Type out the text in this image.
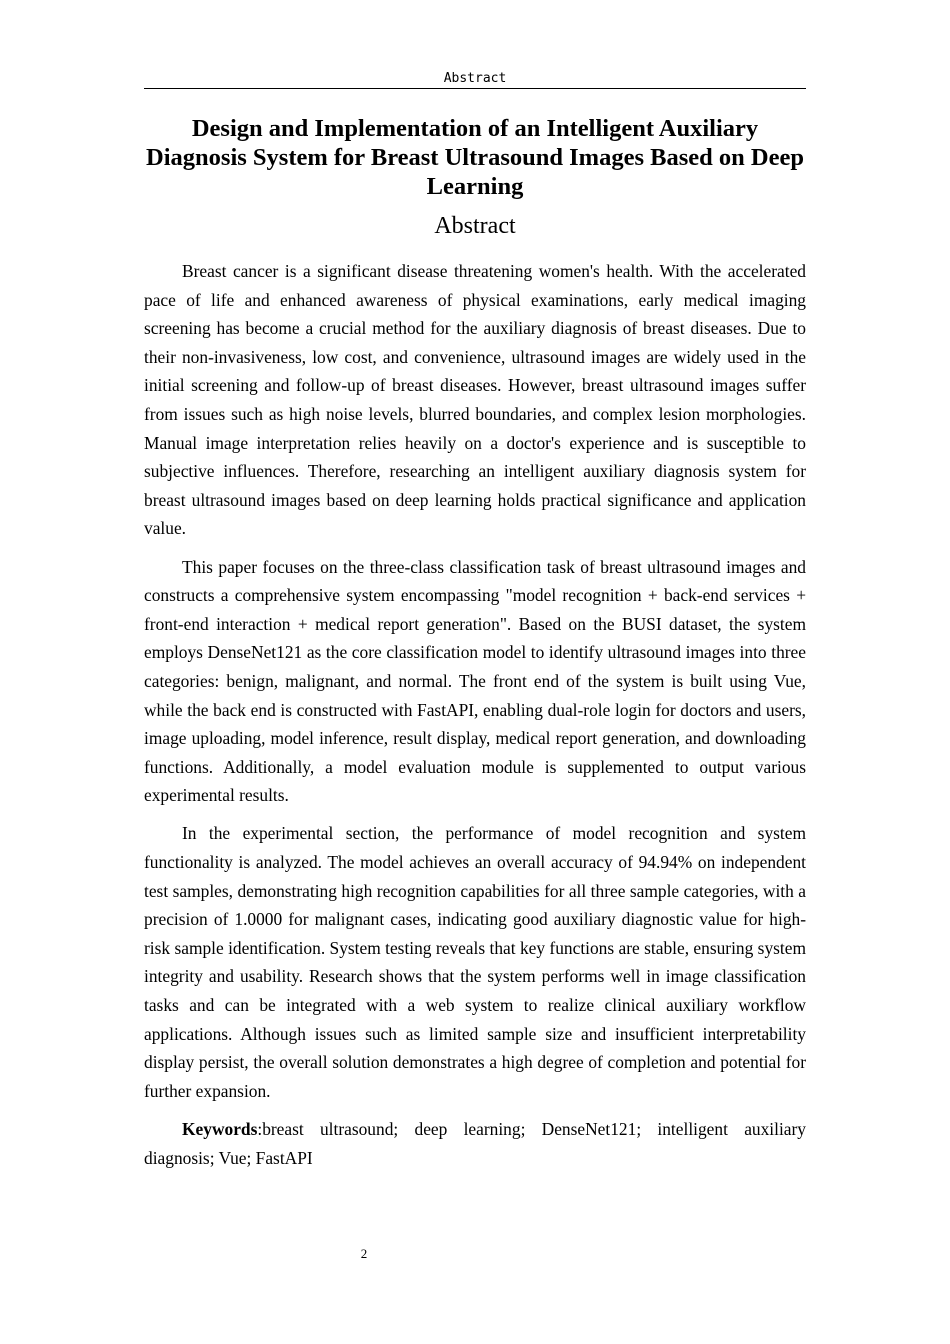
Abstract
Design and Implementation of an Intelligent Auxiliary Diagnosis System for Breast Ultrasound Images Based on Deep Learning
Abstract

Breast cancer is a significant disease threatening women's health. With the accelerated pace of life and enhanced awareness of physical examinations, early medical imaging screening has become a crucial method for the auxiliary diagnosis of breast diseases. Due to their non-invasiveness, low cost, and convenience, ultrasound images are widely used in the initial screening and follow-up of breast diseases. However, breast ultrasound images suffer from issues such as high noise levels, blurred boundaries, and complex lesion morphologies. Manual image interpretation relies heavily on a doctor's experience and is susceptible to subjective influences. Therefore, researching an intelligent auxiliary diagnosis system for breast ultrasound images based on deep learning holds practical significance and application value.

This paper focuses on the three-class classification task of breast ultrasound images and constructs a comprehensive system encompassing "model recognition + back-end services + front-end interaction + medical report generation". Based on the BUSI dataset, the system employs DenseNet121 as the core classification model to identify ultrasound images into three categories: benign, malignant, and normal. The front end of the system is built using Vue, while the back end is constructed with FastAPI, enabling dual-role login for doctors and users, image uploading, model inference, result display, medical report generation, and downloading functions. Additionally, a model evaluation module is supplemented to output various experimental results.

In the experimental section, the performance of model recognition and system functionality is analyzed. The model achieves an overall accuracy of 94.94% on independent test samples, demonstrating high recognition capabilities for all three sample categories, with a precision of 1.0000 for malignant cases, indicating good auxiliary diagnostic value for high-risk sample identification. System testing reveals that key functions are stable, ensuring system integrity and usability. Research shows that the system performs well in image classification tasks and can be integrated with a web system to realize clinical auxiliary workflow applications. Although issues such as limited sample size and insufficient interpretability display persist, the overall solution demonstrates a high degree of completion and potential for further expansion.

Keywords:breast ultrasound; deep learning; DenseNet121; intelligent auxiliary diagnosis; Vue; FastAPI

2
